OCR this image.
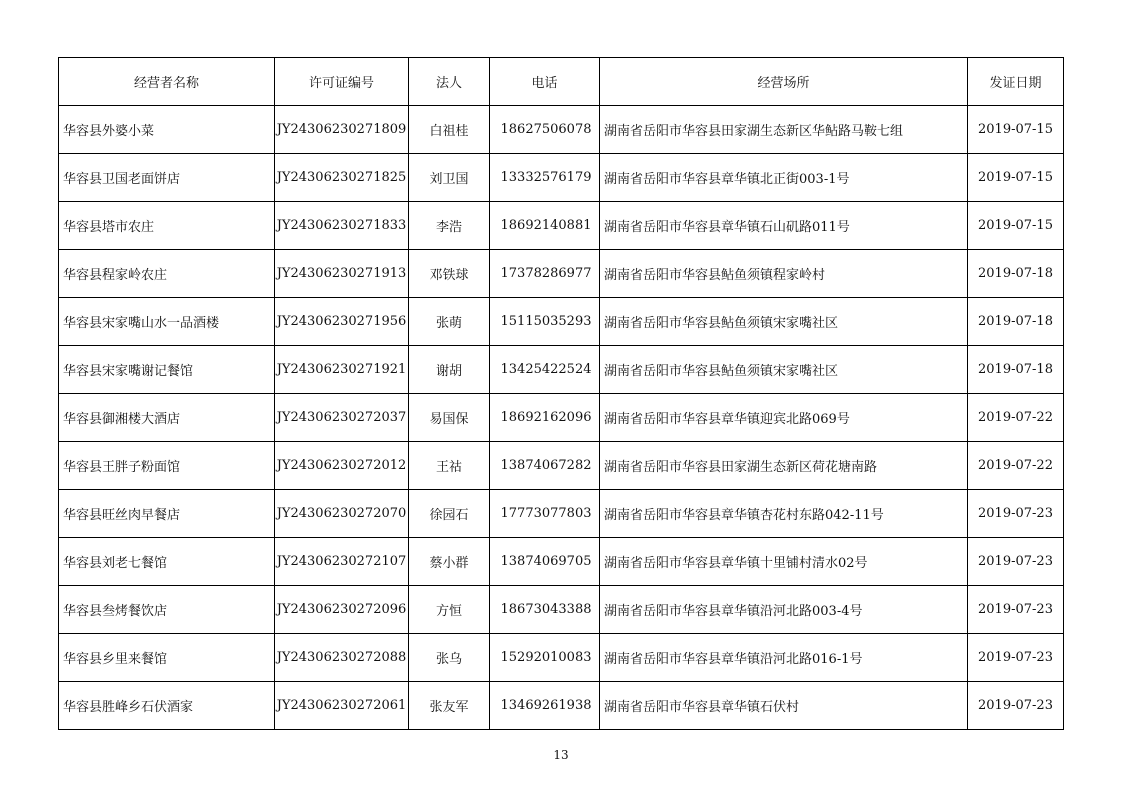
经营者名称	许可证编号	法人	电话	经营场所	发证日期
华容县外婆小菜	JY24306230271809	白祖桂	18627506078	湖南省岳阳市华容县田家湖生态新区华鲇路马鞍七组	2019-07-15
华容县卫国老面饼店	JY24306230271825	刘卫国	13332576179	湖南省岳阳市华容县章华镇北正街003-1号	2019-07-15
华容县塔市农庄	JY24306230271833	李浩	18692140881	湖南省岳阳市华容县章华镇石山矶路011号	2019-07-15
华容县程家岭农庄	JY24306230271913	邓铁球	17378286977	湖南省岳阳市华容县鲇鱼须镇程家岭村	2019-07-18
华容县宋家嘴山水一品酒楼	JY24306230271956	张萌	15115035293	湖南省岳阳市华容县鲇鱼须镇宋家嘴社区	2019-07-18
华容县宋家嘴谢记餐馆	JY24306230271921	谢胡	13425422524	湖南省岳阳市华容县鲇鱼须镇宋家嘴社区	2019-07-18
华容县御湘楼大酒店	JY24306230272037	易国保	18692162096	湖南省岳阳市华容县章华镇迎宾北路069号	2019-07-22
华容县王胖子粉面馆	JY24306230272012	王祜	13874067282	湖南省岳阳市华容县田家湖生态新区荷花塘南路	2019-07-22
华容县旺丝肉早餐店	JY24306230272070	徐园石	17773077803	湖南省岳阳市华容县章华镇杏花村东路042-11号	2019-07-23
华容县刘老七餐馆	JY24306230272107	蔡小群	13874069705	湖南省岳阳市华容县章华镇十里铺村清水02号	2019-07-23
华容县叁烤餐饮店	JY24306230272096	方恒	18673043388	湖南省岳阳市华容县章华镇沿河北路003-4号	2019-07-23
华容县乡里来餐馆	JY24306230272088	张乌	15292010083	湖南省岳阳市华容县章华镇沿河北路016-1号	2019-07-23
华容县胜峰乡石伏酒家	JY24306230272061	张友军	13469261938	湖南省岳阳市华容县章华镇石伏村	2019-07-23
13
